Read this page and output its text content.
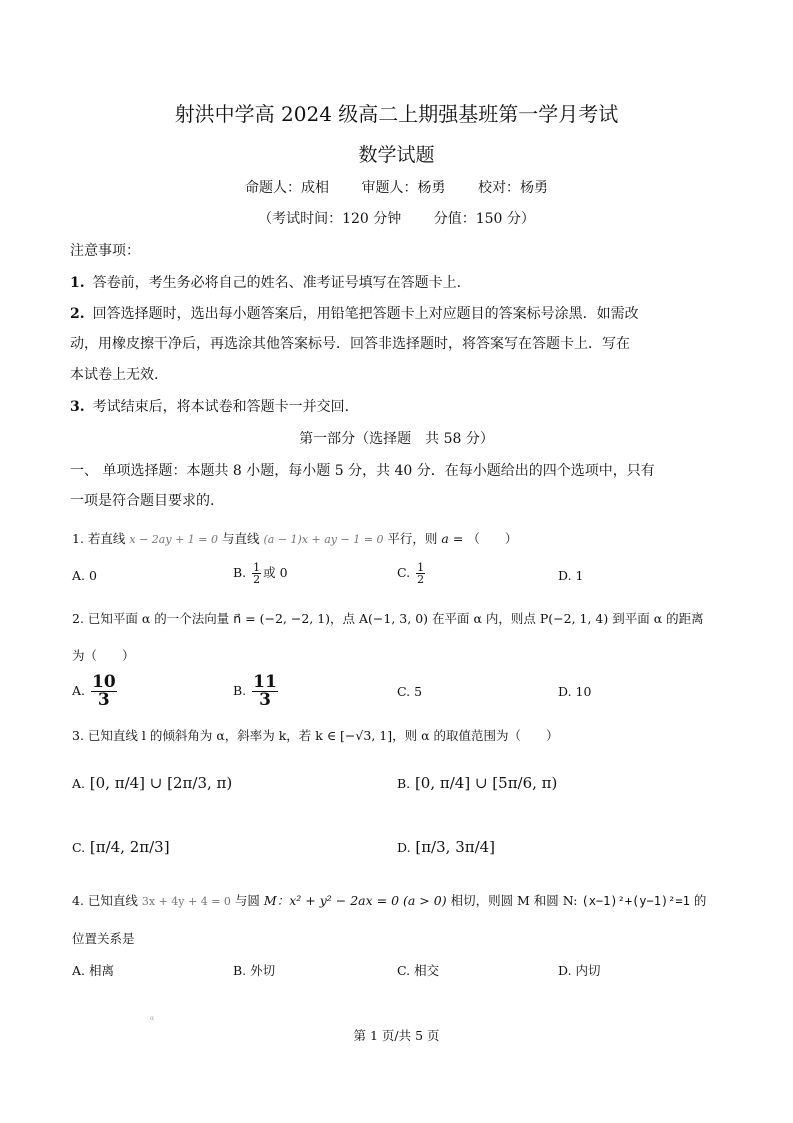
射洪中学高 2024 级高二上期强基班第一学月考试
数学试题
命题人：成相 审题人：杨勇 校对：杨勇
（考试时间：120 分钟 分值：150 分）
注意事项：
1. 答卷前，考生务必将自己的姓名、准考证号填写在答题卡上.
2. 回答选择题时，选出每小题答案后，用铅笔把答题卡上对应题目的答案标号涂黑．如需改
动，用橡皮擦干净后，再选涂其他答案标号．回答非选择题时，将答案写在答题卡上．写在
本试卷上无效.
3. 考试结束后，将本试卷和答题卡一并交回.
第一部分（选择题　共 58 分）
一、 单项选择题：本题共 8 小题，每小题 5 分，共 40 分．在每小题给出的四个选项中，只有
一项是符合题目要求的.
1. 若直线 x − 2ay + 1 = 0 与直线 (a − 1)x + ay − 1 = 0 平行，则 a = （　　）
A. 0	B. $\frac{1}{2}$ 或 0	C. $\frac{1}{2}$	D. 1
2. 已知平面 α 的一个法向量 n⃗ = (−2, −2, 1)，点 A(−1, 3, 0) 在平面 α 内，则点 P(−2, 1, 4) 到平面 α 的距离
为（　　）
A. $\frac{10}{3}$	B. $\frac{11}{3}$	C. 5	D. 10
3. 已知直线 l 的倾斜角为 α，斜率为 k，若 k ∈ [−√3, 1]，则 α 的取值范围为（　　）
A. [0, π/4] ∪ [2π/3, π)	B. [0, π/4] ∪ [5π/6, π)
C. [π/4, 2π/3]	D. [π/3, 3π/4]
4. 已知直线 3x + 4y + 4 = 0 与圆 M：x² + y² − 2ax = 0 (a > 0) 相切，则圆 M 和圆 N: (x−1)²+(y−1)²=1 的
位置关系是
A. 相离	B. 外切	C. 相交	D. 内切
α
第 1 页/共 5 页
